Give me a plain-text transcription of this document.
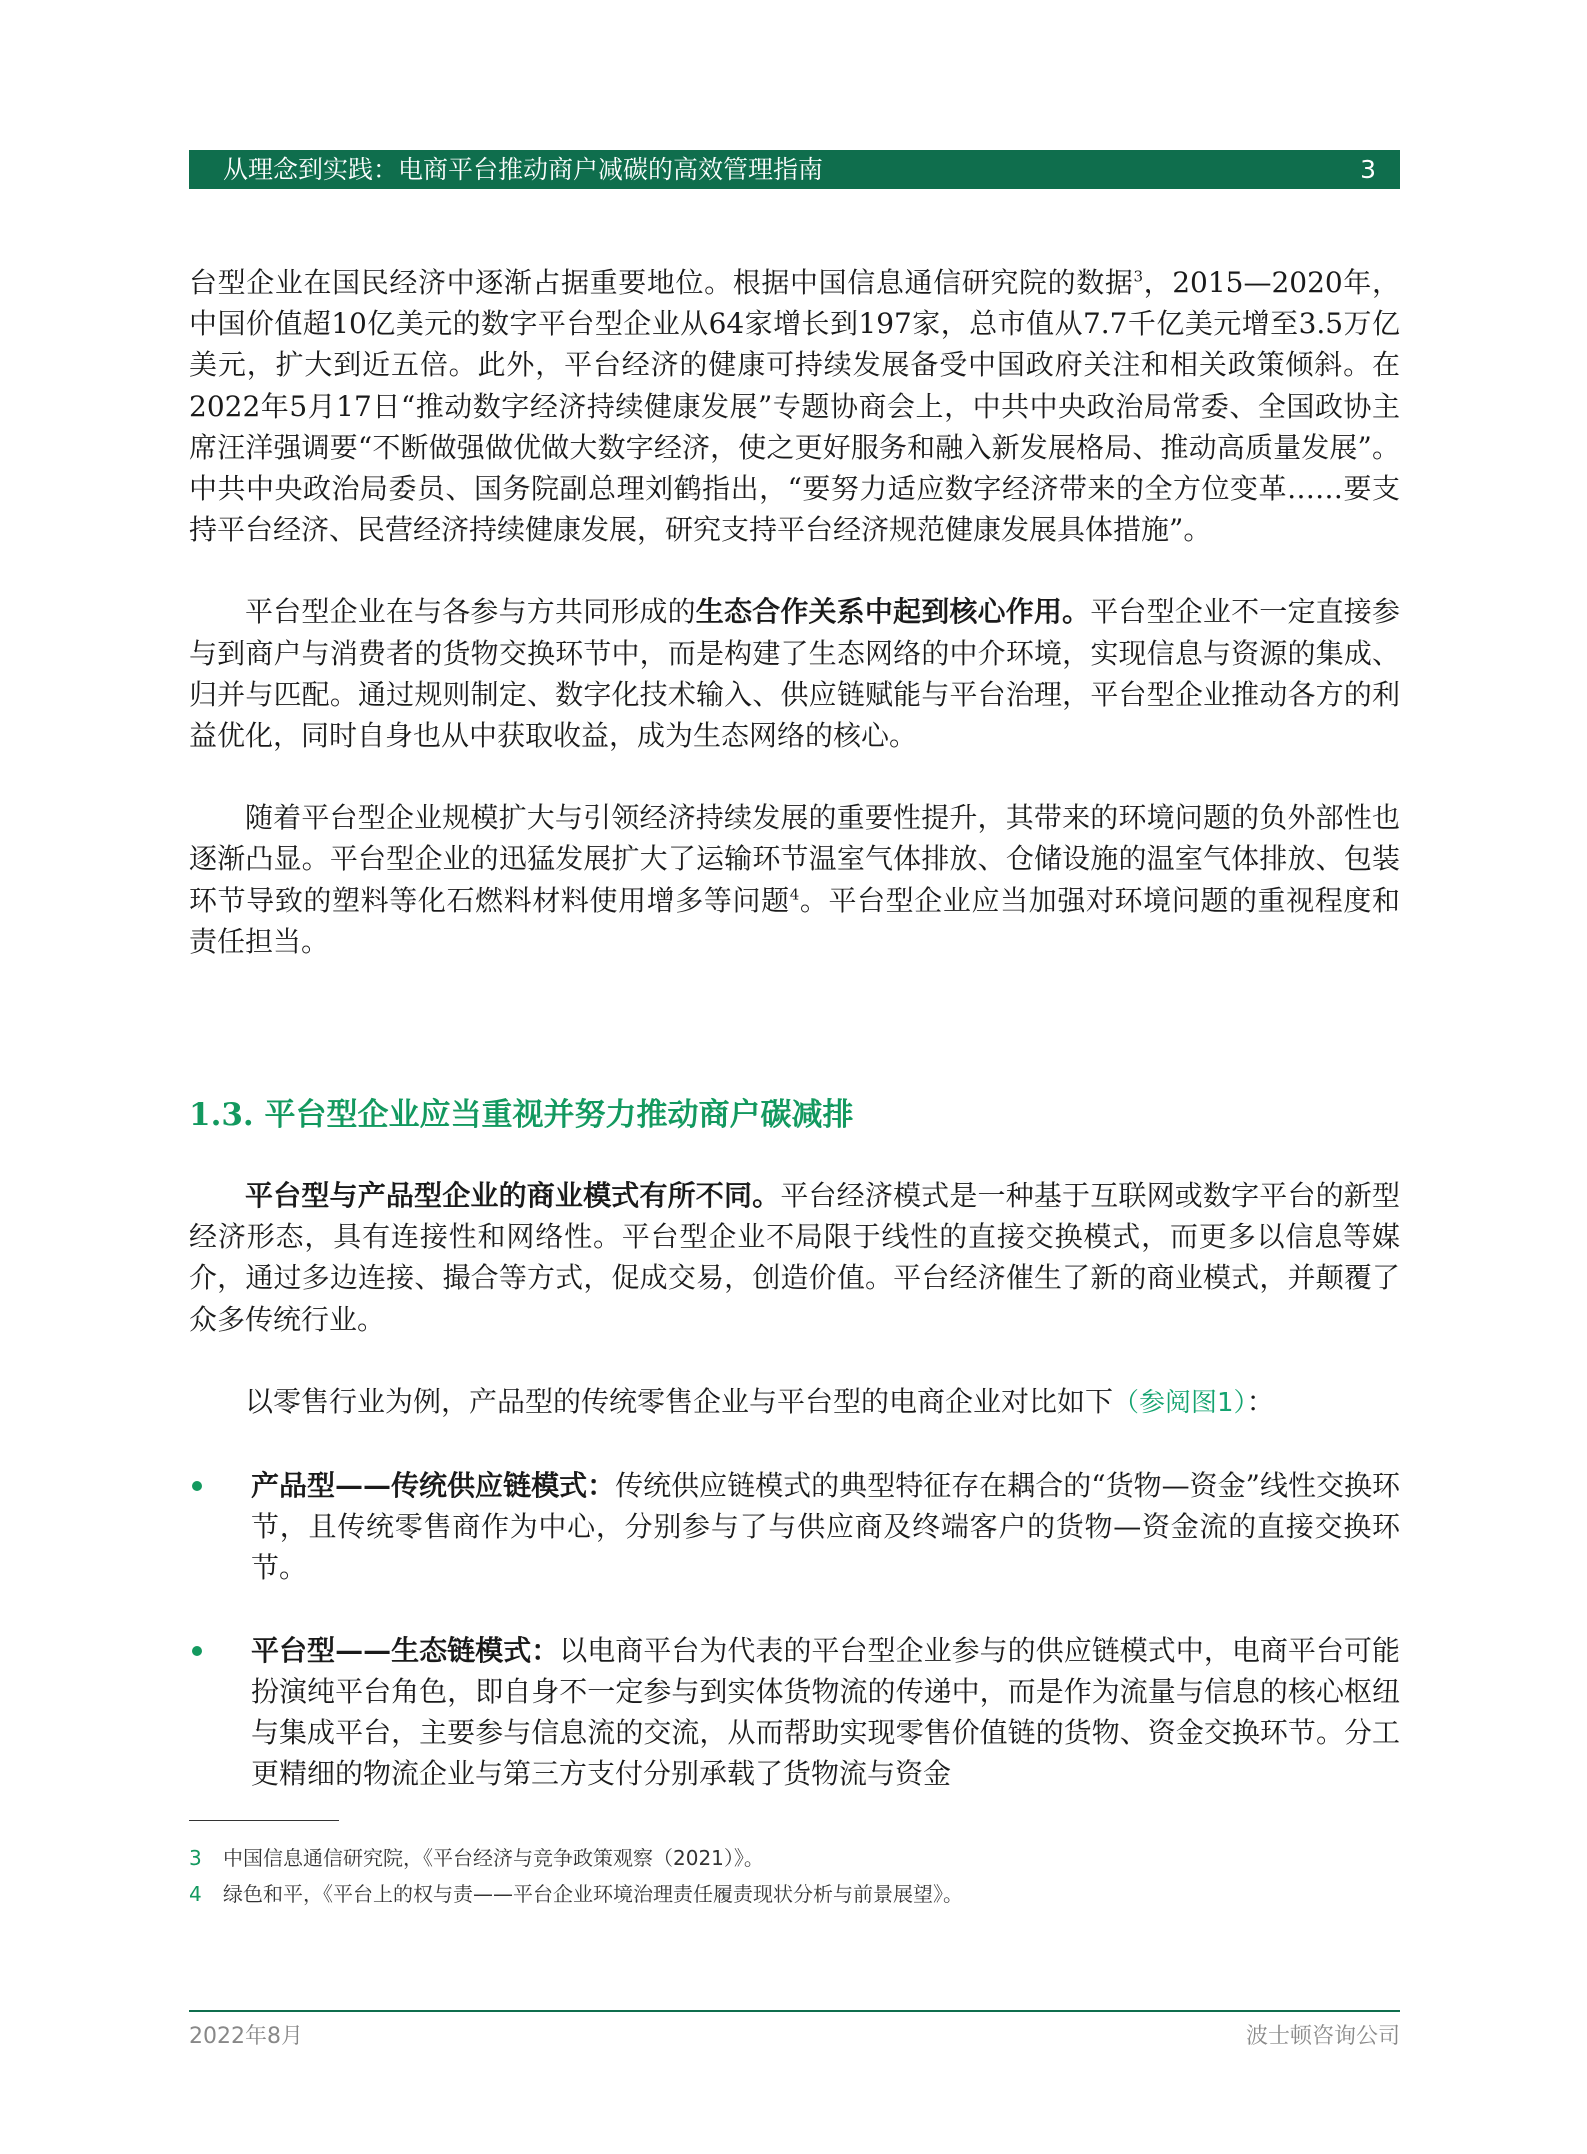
从理念到实践：电商平台推动商户减碳的高效管理指南	3

台型企业在国民经济中逐渐占据重要地位。根据中国信息通信研究院的数据$^3$，2015—2020年，中国价值超10亿美元的数字平台型企业从64家增长到197家，总市值从7.7千亿美元增至3.5万亿美元，扩大到近五倍。此外，平台经济的健康可持续发展备受中国政府关注和相关政策倾斜。在2022年5月17日“推动数字经济持续健康发展”专题协商会上，中共中央政治局常委、全国政协主席汪洋强调要“不断做强做优做大数字经济，使之更好服务和融入新发展格局、推动高质量发展”。中共中央政治局委员、国务院副总理刘鹤指出，“要努力适应数字经济带来的全方位变革……要支持平台经济、民营经济持续健康发展，研究支持平台经济规范健康发展具体措施”。

平台型企业在与各参与方共同形成的生态合作关系中起到核心作用。平台型企业不一定直接参与到商户与消费者的货物交换环节中，而是构建了生态网络的中介环境，实现信息与资源的集成、归并与匹配。通过规则制定、数字化技术输入、供应链赋能与平台治理，平台型企业推动各方的利益优化，同时自身也从中获取收益，成为生态网络的核心。

随着平台型企业规模扩大与引领经济持续发展的重要性提升，其带来的环境问题的负外部性也逐渐凸显。平台型企业的迅猛发展扩大了运输环节温室气体排放、仓储设施的温室气体排放、包装环节导致的塑料等化石燃料材料使用增多等问题$^4$。平台型企业应当加强对环境问题的重视程度和责任担当。

1.3. 平台型企业应当重视并努力推动商户碳减排

平台型与产品型企业的商业模式有所不同。平台经济模式是一种基于互联网或数字平台的新型经济形态，具有连接性和网络性。平台型企业不局限于线性的直接交换模式，而更多以信息等媒介，通过多边连接、撮合等方式，促成交易，创造价值。平台经济催生了新的商业模式，并颠覆了众多传统行业。

以零售行业为例，产品型的传统零售企业与平台型的电商企业对比如下（参阅图1）：

产品型——传统供应链模式：传统供应链模式的典型特征存在耦合的“货物—资金”线性交换环节，且传统零售商作为中心，分别参与了与供应商及终端客户的货物—资金流的直接交换环节。

平台型——生态链模式：以电商平台为代表的平台型企业参与的供应链模式中，电商平台可能扮演纯平台角色，即自身不一定参与到实体货物流的传递中，而是作为流量与信息的核心枢纽与集成平台，主要参与信息流的交流，从而帮助实现零售价值链的货物、资金交换环节。分工更精细的物流企业与第三方支付分别承载了货物流与资金

3 中国信息通信研究院，《平台经济与竞争政策观察（2021）》。
4 绿色和平，《平台上的权与责——平台企业环境治理责任履责现状分析与前景展望》。
2022年8月	波士顿咨询公司
